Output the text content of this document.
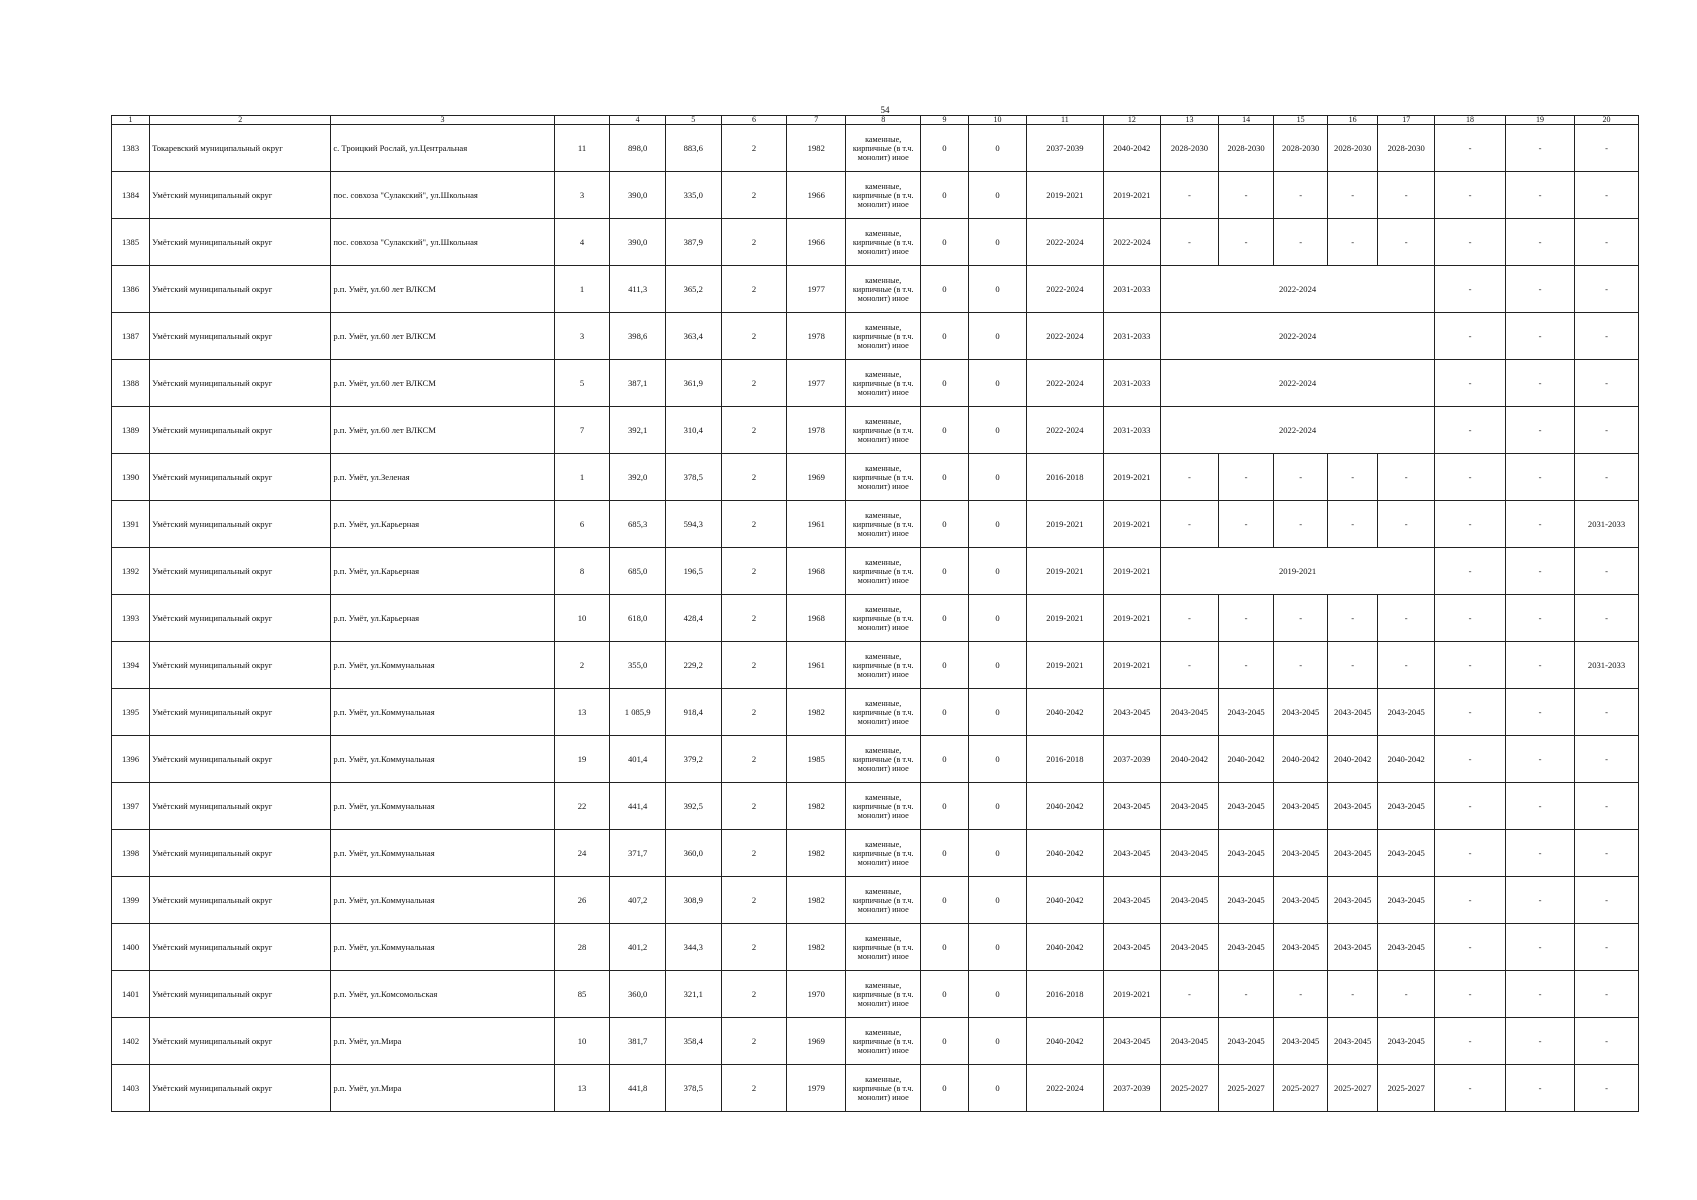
54
1	2	3		4	5	6	7	8	9	10	11	12	13	14	15	16	17	18	19	20
1383	Токаревский муниципальный округ	с. Троицкий Рослай, ул.Центральная	11	898,0	883,6	2	1982	каменные, кирпичные (в т.ч. монолит) иное	0	0	2037-2039	2040-2042	2028-2030	2028-2030	2028-2030	2028-2030	2028-2030	-	-	-
1384	Умётский муниципальный округ	пос. совхоза "Сулакский", ул.Школьная	3	390,0	335,0	2	1966	каменные, кирпичные (в т.ч. монолит) иное	0	0	2019-2021	2019-2021	-	-	-	-	-	-	-	-
1385	Умётский муниципальный округ	пос. совхоза "Сулакский", ул.Школьная	4	390,0	387,9	2	1966	каменные, кирпичные (в т.ч. монолит) иное	0	0	2022-2024	2022-2024	-	-	-	-	-	-	-	-
1386	Умётский муниципальный округ	р.п. Умёт, ул.60 лет ВЛКСМ	1	411,3	365,2	2	1977	каменные, кирпичные (в т.ч. монолит) иное	0	0	2022-2024	2031-2033	2022-2024					-	-	-
1387	Умётский муниципальный округ	р.п. Умёт, ул.60 лет ВЛКСМ	3	398,6	363,4	2	1978	каменные, кирпичные (в т.ч. монолит) иное	0	0	2022-2024	2031-2033	2022-2024					-	-	-
1388	Умётский муниципальный округ	р.п. Умёт, ул.60 лет ВЛКСМ	5	387,1	361,9	2	1977	каменные, кирпичные (в т.ч. монолит) иное	0	0	2022-2024	2031-2033	2022-2024					-	-	-
1389	Умётский муниципальный округ	р.п. Умёт, ул.60 лет ВЛКСМ	7	392,1	310,4	2	1978	каменные, кирпичные (в т.ч. монолит) иное	0	0	2022-2024	2031-2033	2022-2024					-	-	-
1390	Умётский муниципальный округ	р.п. Умёт, ул.Зеленая	1	392,0	378,5	2	1969	каменные, кирпичные (в т.ч. монолит) иное	0	0	2016-2018	2019-2021	-	-	-	-	-	-	-	-
1391	Умётский муниципальный округ	р.п. Умёт, ул.Карьерная	6	685,3	594,3	2	1961	каменные, кирпичные (в т.ч. монолит) иное	0	0	2019-2021	2019-2021	-	-	-	-	-	-	-	2031-2033
1392	Умётский муниципальный округ	р.п. Умёт, ул.Карьерная	8	685,0	196,5	2	1968	каменные, кирпичные (в т.ч. монолит) иное	0	0	2019-2021	2019-2021	2019-2021					-	-	-
1393	Умётский муниципальный округ	р.п. Умёт, ул.Карьерная	10	618,0	428,4	2	1968	каменные, кирпичные (в т.ч. монолит) иное	0	0	2019-2021	2019-2021	-	-	-	-	-	-	-	-
1394	Умётский муниципальный округ	р.п. Умёт, ул.Коммунальная	2	355,0	229,2	2	1961	каменные, кирпичные (в т.ч. монолит) иное	0	0	2019-2021	2019-2021	-	-	-	-	-	-	-	2031-2033
1395	Умётский муниципальный округ	р.п. Умёт, ул.Коммунальная	13	1 085,9	918,4	2	1982	каменные, кирпичные (в т.ч. монолит) иное	0	0	2040-2042	2043-2045	2043-2045	2043-2045	2043-2045	2043-2045	2043-2045	-	-	-
1396	Умётский муниципальный округ	р.п. Умёт, ул.Коммунальная	19	401,4	379,2	2	1985	каменные, кирпичные (в т.ч. монолит) иное	0	0	2016-2018	2037-2039	2040-2042	2040-2042	2040-2042	2040-2042	2040-2042	-	-	-
1397	Умётский муниципальный округ	р.п. Умёт, ул.Коммунальная	22	441,4	392,5	2	1982	каменные, кирпичные (в т.ч. монолит) иное	0	0	2040-2042	2043-2045	2043-2045	2043-2045	2043-2045	2043-2045	2043-2045	-	-	-
1398	Умётский муниципальный округ	р.п. Умёт, ул.Коммунальная	24	371,7	360,0	2	1982	каменные, кирпичные (в т.ч. монолит) иное	0	0	2040-2042	2043-2045	2043-2045	2043-2045	2043-2045	2043-2045	2043-2045	-	-	-
1399	Умётский муниципальный округ	р.п. Умёт, ул.Коммунальная	26	407,2	308,9	2	1982	каменные, кирпичные (в т.ч. монолит) иное	0	0	2040-2042	2043-2045	2043-2045	2043-2045	2043-2045	2043-2045	2043-2045	-	-	-
1400	Умётский муниципальный округ	р.п. Умёт, ул.Коммунальная	28	401,2	344,3	2	1982	каменные, кирпичные (в т.ч. монолит) иное	0	0	2040-2042	2043-2045	2043-2045	2043-2045	2043-2045	2043-2045	2043-2045	-	-	-
1401	Умётский муниципальный округ	р.п. Умёт, ул.Комсомольская	85	360,0	321,1	2	1970	каменные, кирпичные (в т.ч. монолит) иное	0	0	2016-2018	2019-2021	-	-	-	-	-	-	-	-
1402	Умётский муниципальный округ	р.п. Умёт, ул.Мира	10	381,7	358,4	2	1969	каменные, кирпичные (в т.ч. монолит) иное	0	0	2040-2042	2043-2045	2043-2045	2043-2045	2043-2045	2043-2045	2043-2045	-	-	-
1403	Умётский муниципальный округ	р.п. Умёт, ул.Мира	13	441,8	378,5	2	1979	каменные, кирпичные (в т.ч. монолит) иное	0	0	2022-2024	2037-2039	2025-2027	2025-2027	2025-2027	2025-2027	2025-2027	-	-	-
